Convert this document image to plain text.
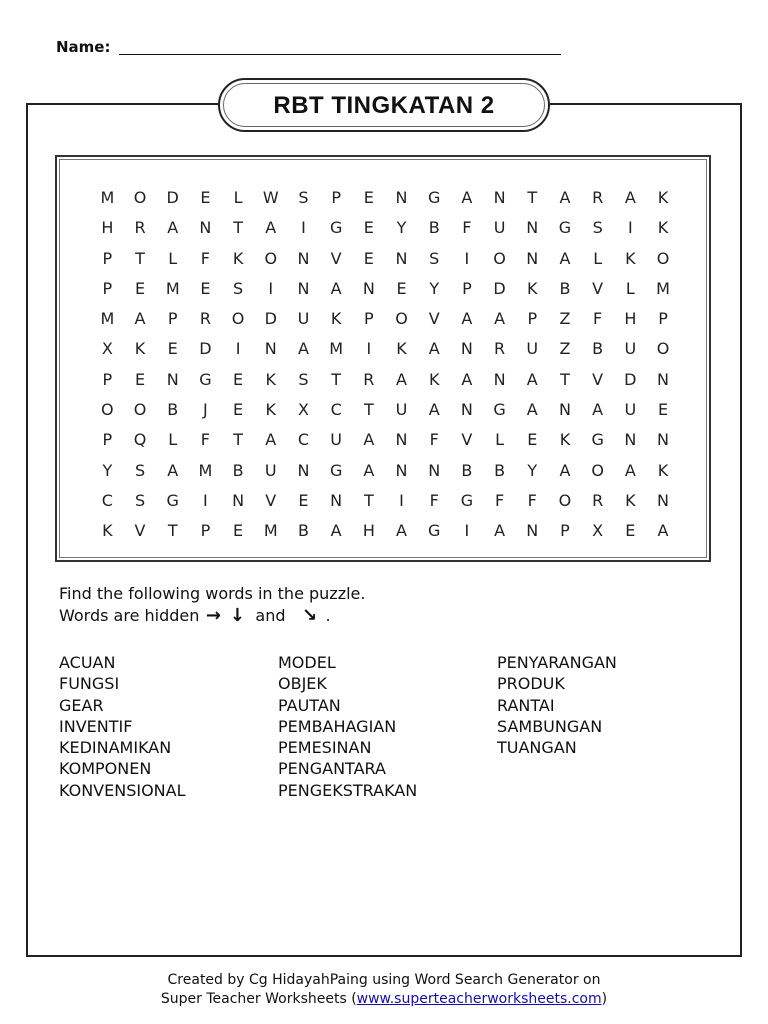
Name:
RBT TINGKATAN 2
M	O	D	E	L	W	S	P	E	N	G	A	N	T	A	R	A	K
H	R	A	N	T	A	I	G	E	Y	B	F	U	N	G	S	I	K
P	T	L	F	K	O	N	V	E	N	S	I	O	N	A	L	K	O
P	E	M	E	S	I	N	A	N	E	Y	P	D	K	B	V	L	M
M	A	P	R	O	D	U	K	P	O	V	A	A	P	Z	F	H	P
X	K	E	D	I	N	A	M	I	K	A	N	R	U	Z	B	U	O
P	E	N	G	E	K	S	T	R	A	K	A	N	A	T	V	D	N
O	O	B	J	E	K	X	C	T	U	A	N	G	A	N	A	U	E
P	Q	L	F	T	A	C	U	A	N	F	V	L	E	K	G	N	N
Y	S	A	M	B	U	N	G	A	N	N	B	B	Y	A	O	A	K
C	S	G	I	N	V	E	N	T	I	F	G	F	F	O	R	K	N
K	V	T	P	E	M	B	A	H	A	G	I	A	N	P	X	E	A
Find the following words in the puzzle.
Words are hidden → ↓ and ↘ .
ACUAN
FUNGSI
GEAR
INVENTIF
KEDINAMIKAN
KOMPONEN
KONVENSIONAL
MODEL
OBJEK
PAUTAN
PEMBAHAGIAN
PEMESINAN
PENGANTARA
PENGEKSTRAKAN
PENYARANGAN
PRODUK
RANTAI
SAMBUNGAN
TUANGAN
Created by Cg HidayahPaing using Word Search Generator on
Super Teacher Worksheets (www.superteacherworksheets.com)
